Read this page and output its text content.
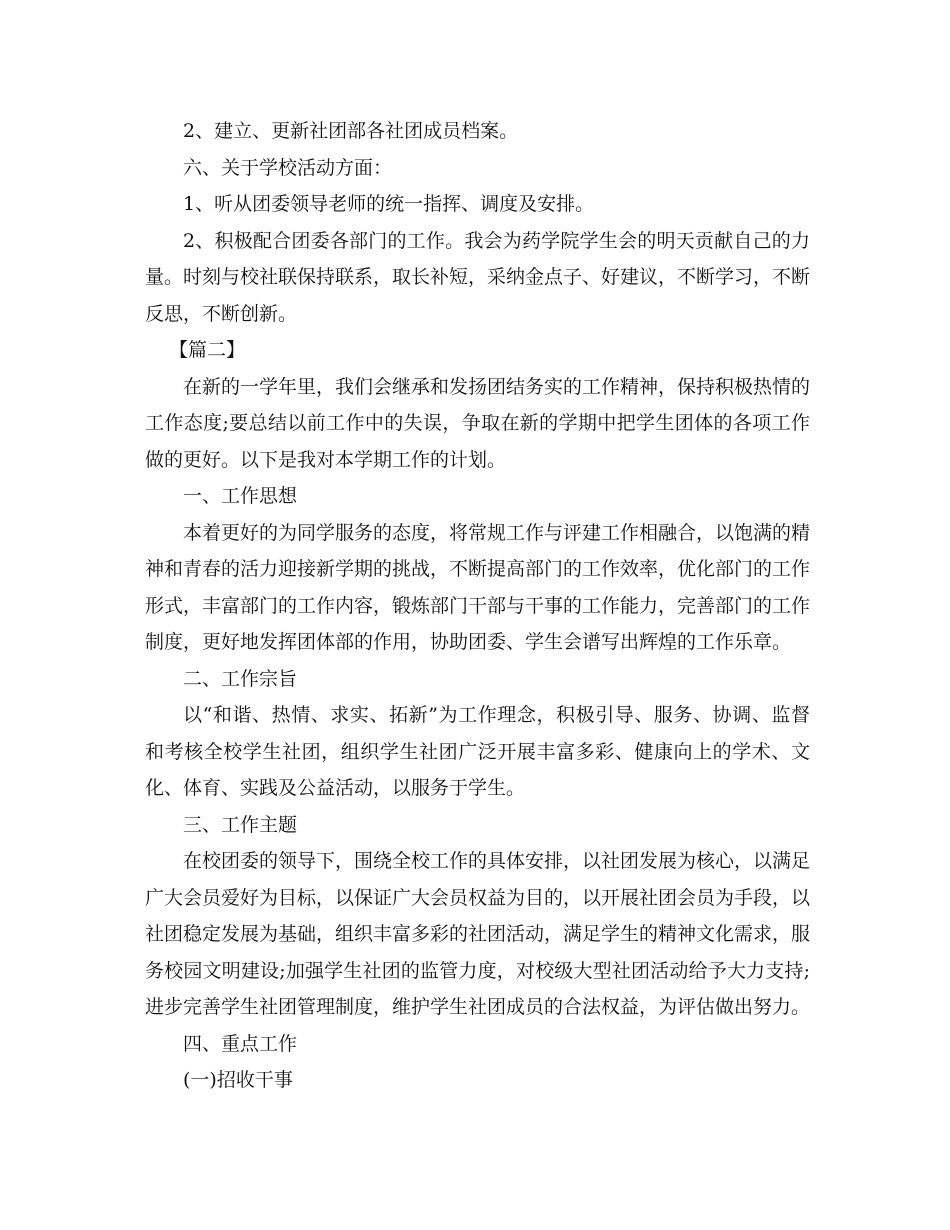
2、建立、更新社团部各社团成员档案。

六、关于学校活动方面：

1、听从团委领导老师的统一指挥、调度及安排。

2、积极配合团委各部门的工作。我会为药学院学生会的明天贡献自己的力量。时刻与校社联保持联系，取长补短，采纳金点子、好建议，不断学习，不断反思，不断创新。

【篇二】

在新的一学年里，我们会继承和发扬团结务实的工作精神，保持积极热情的工作态度;要总结以前工作中的失误，争取在新的学期中把学生团体的各项工作做的更好。以下是我对本学期工作的计划。

一、工作思想

本着更好的为同学服务的态度，将常规工作与评建工作相融合，以饱满的精神和青春的活力迎接新学期的挑战，不断提高部门的工作效率，优化部门的工作形式，丰富部门的工作内容，锻炼部门干部与干事的工作能力，完善部门的工作制度，更好地发挥团体部的作用，协助团委、学生会谱写出辉煌的工作乐章。

二、工作宗旨

以“和谐、热情、求实、拓新”为工作理念，积极引导、服务、协调、监督和考核全校学生社团，组织学生社团广泛开展丰富多彩、健康向上的学术、文化、体育、实践及公益活动，以服务于学生。

三、工作主题

在校团委的领导下，围绕全校工作的具体安排，以社团发展为核心，以满足广大会员爱好为目标，以保证广大会员权益为目的，以开展社团会员为手段，以社团稳定发展为基础，组织丰富多彩的社团活动，满足学生的精神文化需求，服务校园文明建设;加强学生社团的监管力度，对校级大型社团活动给予大力支持;进步完善学生社团管理制度，维护学生社团成员的合法权益，为评估做出努力。

四、重点工作

(一)招收干事
